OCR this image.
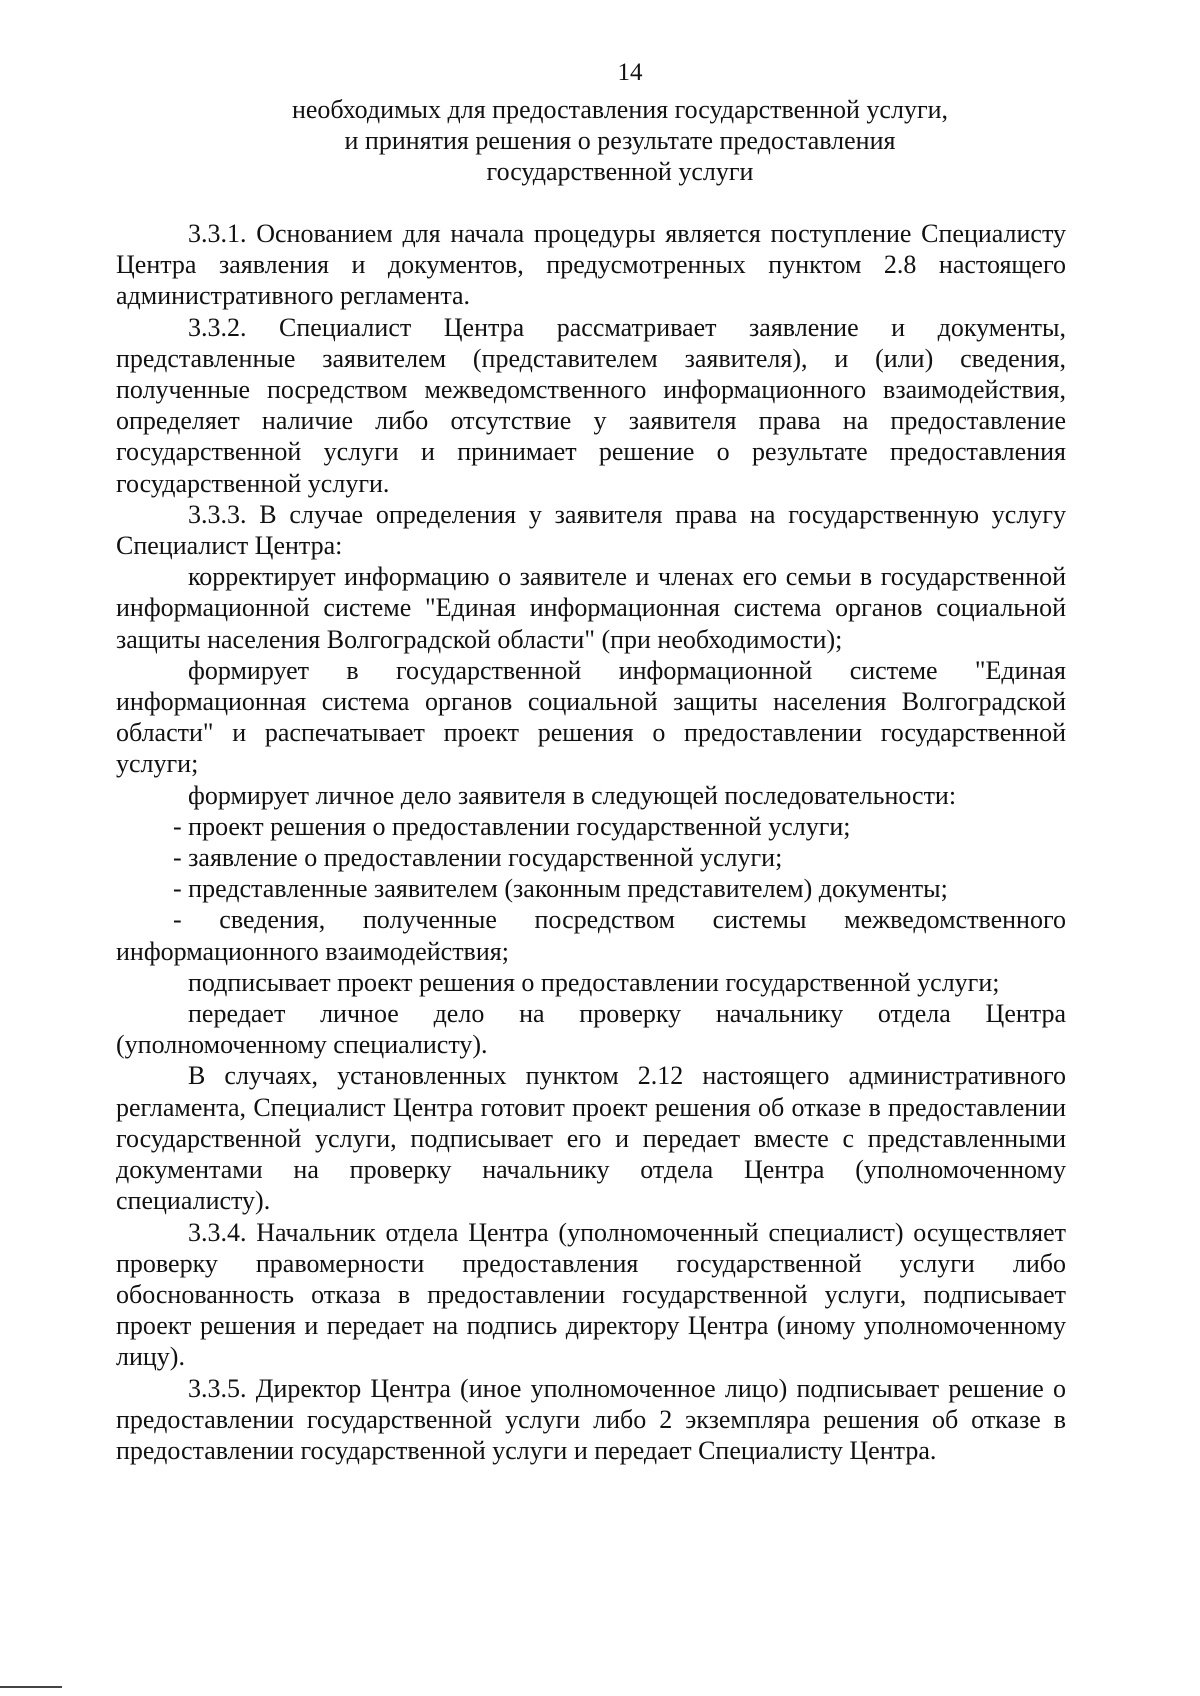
14
необходимых для предоставления государственной услуги,
и принятия решения о результате предоставления
государственной услуги

3.3.1. Основанием для начала процедуры является поступление Специалисту Центра заявления и документов, предусмотренных пунктом 2.8 настоящего административного регламента.

3.3.2. Специалист Центра рассматривает заявление и документы, представленные заявителем (представителем заявителя), и (или) сведения, полученные посредством межведомственного информационного взаимодействия, определяет наличие либо отсутствие у заявителя права на предоставление государственной услуги и принимает решение о результате предоставления государственной услуги.

3.3.3. В случае определения у заявителя права на государственную услугу Специалист Центра:

корректирует информацию о заявителе и членах его семьи в государственной информационной системе "Единая информационная система органов социальной защиты населения Волгоградской области" (при необходимости);

формирует в государственной информационной системе "Единая информационная система органов социальной защиты населения Волгоградской области" и распечатывает проект решения о предоставлении государственной услуги;

формирует личное дело заявителя в следующей последовательности:

- проект решения о предоставлении государственной услуги;

- заявление о предоставлении государственной услуги;

- представленные заявителем (законным представителем) документы;

- сведения, полученные посредством системы межведомственного информационного взаимодействия;

подписывает проект решения о предоставлении государственной услуги;

передает личное дело на проверку начальнику отдела Центра (уполномоченному специалисту).

В случаях, установленных пунктом 2.12 настоящего административного регламента, Специалист Центра готовит проект решения об отказе в предоставлении государственной услуги, подписывает его и передает вместе с представленными документами на проверку начальнику отдела Центра (уполномоченному специалисту).

3.3.4. Начальник отдела Центра (уполномоченный специалист) осуществляет проверку правомерности предоставления государственной услуги либо обоснованность отказа в предоставлении государственной услуги, подписывает проект решения и передает на подпись директору Центра (иному уполномоченному лицу).

3.3.5. Директор Центра (иное уполномоченное лицо) подписывает решение о предоставлении государственной услуги либо 2 экземпляра решения об отказе в предоставлении государственной услуги и передает Специалисту Центра.
